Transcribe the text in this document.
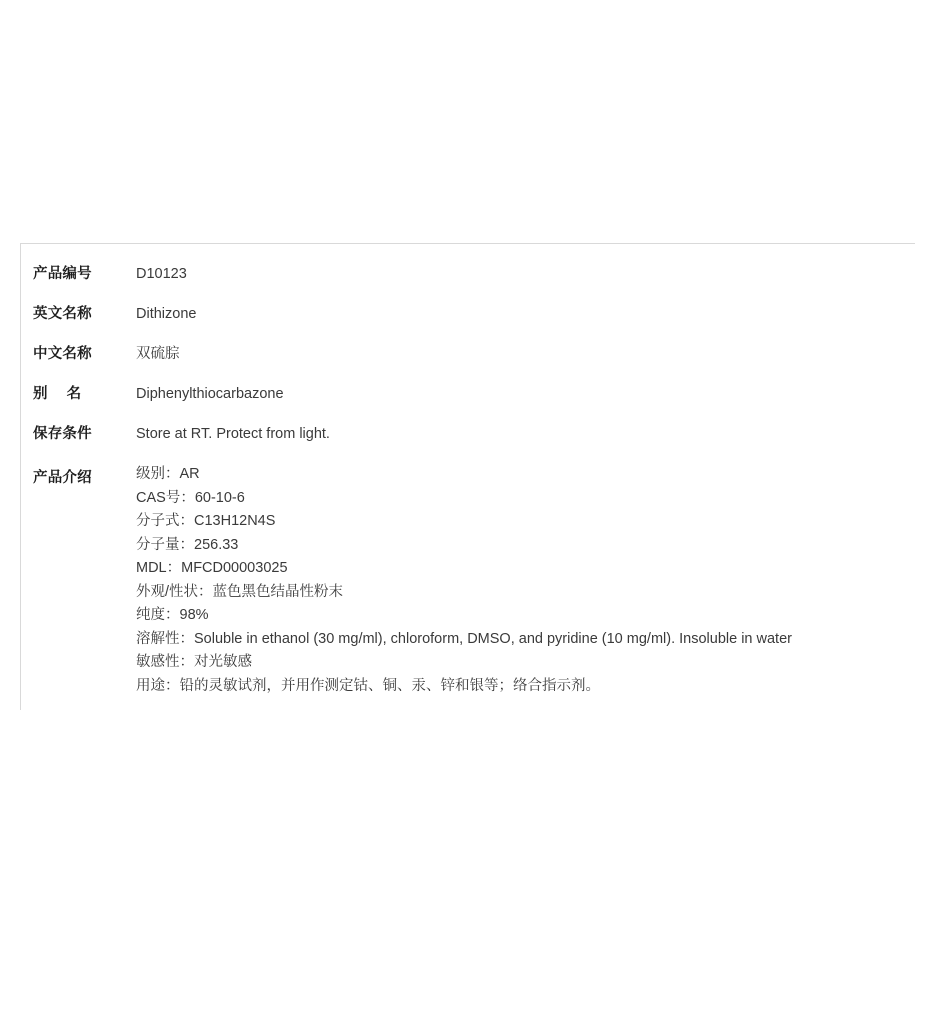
产品编号	D10123
英文名称	Dithizone
中文名称	双硫腙
别　 名	Diphenylthiocarbazone
保存条件	Store at RT. Protect from light.
产品介绍	级别：AR
CAS号：60-10-6
分子式：C13H12N4S
分子量：256.33
MDL：MFCD00003025
外观/性状：蓝色黑色结晶性粉末
纯度：98%
溶解性：Soluble in ethanol (30 mg/ml), chloroform, DMSO, and pyridine (10 mg/ml). Insoluble in water
敏感性：对光敏感
用途：铅的灵敏试剂，并用作测定钴、铜、汞、锌和银等；络合指示剂。
